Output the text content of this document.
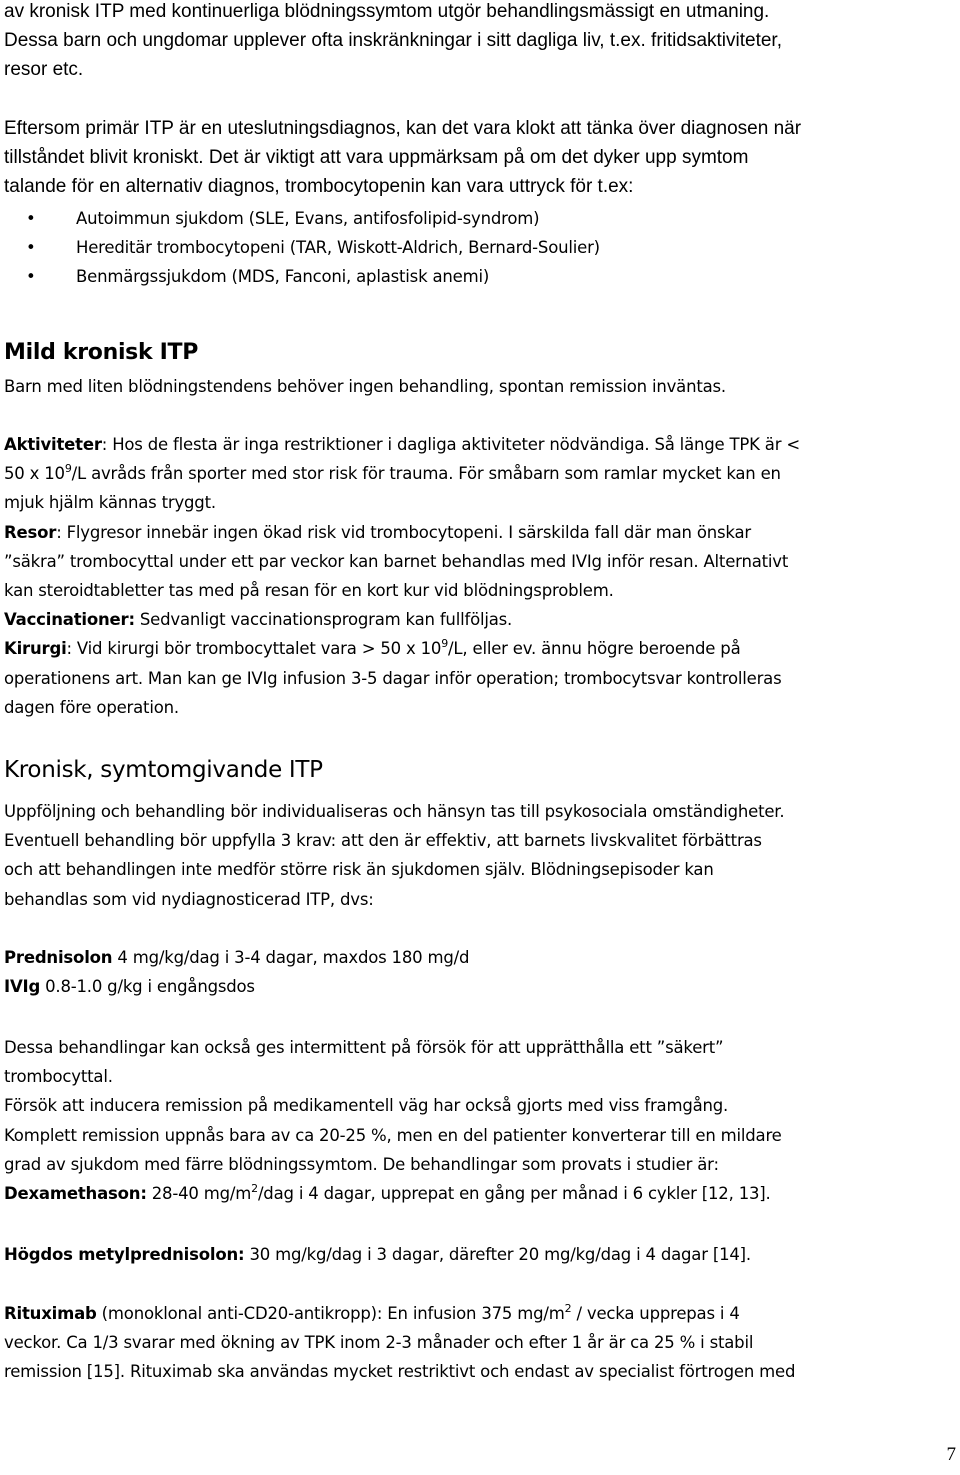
av kronisk ITP med kontinuerliga blödningssymtom utgör behandlingsmässigt en utmaning.

Dessa barn och ungdomar upplever ofta inskränkningar i sitt dagliga liv, t.ex. fritidsaktiviteter,

resor etc.

Eftersom primär ITP är en uteslutningsdiagnos, kan det vara klokt att tänka över diagnosen när

tillståndet blivit kroniskt. Det är viktigt att vara uppmärksam på om det dyker upp symtom

talande för en alternativ diagnos, trombocytopenin kan vara uttryck för t.ex:

• Autoimmun sjukdom (SLE, Evans, antifosfolipid-syndrom)
• Hereditär trombocytopeni (TAR, Wiskott-Aldrich, Bernard-Soulier)
• Benmärgssjukdom (MDS, Fanconi, aplastisk anemi)
Mild kronisk ITP

Barn med liten blödningstendens behöver ingen behandling, spontan remission inväntas.

Aktiviteter: Hos de flesta är inga restriktioner i dagliga aktiviteter nödvändiga. Så länge TPK är <

50 x $10^9/L$ avråds från sporter med stor risk för trauma. För småbarn som ramlar mycket kan en

mjuk hjälm kännas tryggt.

Resor: Flygresor innebär ingen ökad risk vid trombocytopeni. I särskilda fall där man önskar

”säkra” trombocyttal under ett par veckor kan barnet behandlas med IVIg inför resan. Alternativt

kan steroidtabletter tas med på resan för en kort kur vid blödningsproblem.

Vaccinationer: Sedvanligt vaccinationsprogram kan fullföljas.

Kirurgi: Vid kirurgi bör trombocyttalet vara > 50 x $10^9/L$, eller ev. ännu högre beroende på

operationens art. Man kan ge IVIg infusion 3-5 dagar inför operation; trombocytsvar kontrolleras

dagen före operation.

Kronisk, symtomgivande ITP

Uppföljning och behandling bör individualiseras och hänsyn tas till psykosociala omständigheter.

Eventuell behandling bör uppfylla 3 krav: att den är effektiv, att barnets livskvalitet förbättras

och att behandlingen inte medför större risk än sjukdomen själv. Blödningsepisoder kan

behandlas som vid nydiagnosticerad ITP, dvs:

Prednisolon 4 mg/kg/dag i 3-4 dagar, maxdos 180 mg/d

IVIg 0.8-1.0 g/kg i engångsdos

Dessa behandlingar kan också ges intermittent på försök för att upprätthålla ett ”säkert”

trombocyttal.

Försök att inducera remission på medikamentell väg har också gjorts med viss framgång.

Komplett remission uppnås bara av ca 20-25 %, men en del patienter konverterar till en mildare

grad av sjukdom med färre blödningssymtom. De behandlingar som provats i studier är:

Dexamethason: 28-40 $mg/m^2$/dag i 4 dagar, upprepat en gång per månad i 6 cykler [12, 13].

Högdos metylprednisolon: 30 mg/kg/dag i 3 dagar, därefter 20 mg/kg/dag i 4 dagar [14].

Rituximab (monoklonal anti-CD20-antikropp): En infusion 375 $mg/m^2$ / vecka upprepas i 4

veckor. Ca 1/3 svarar med ökning av TPK inom 2-3 månader och efter 1 år är ca 25 % i stabil

remission [15]. Rituximab ska användas mycket restriktivt och endast av specialist förtrogen med

7
